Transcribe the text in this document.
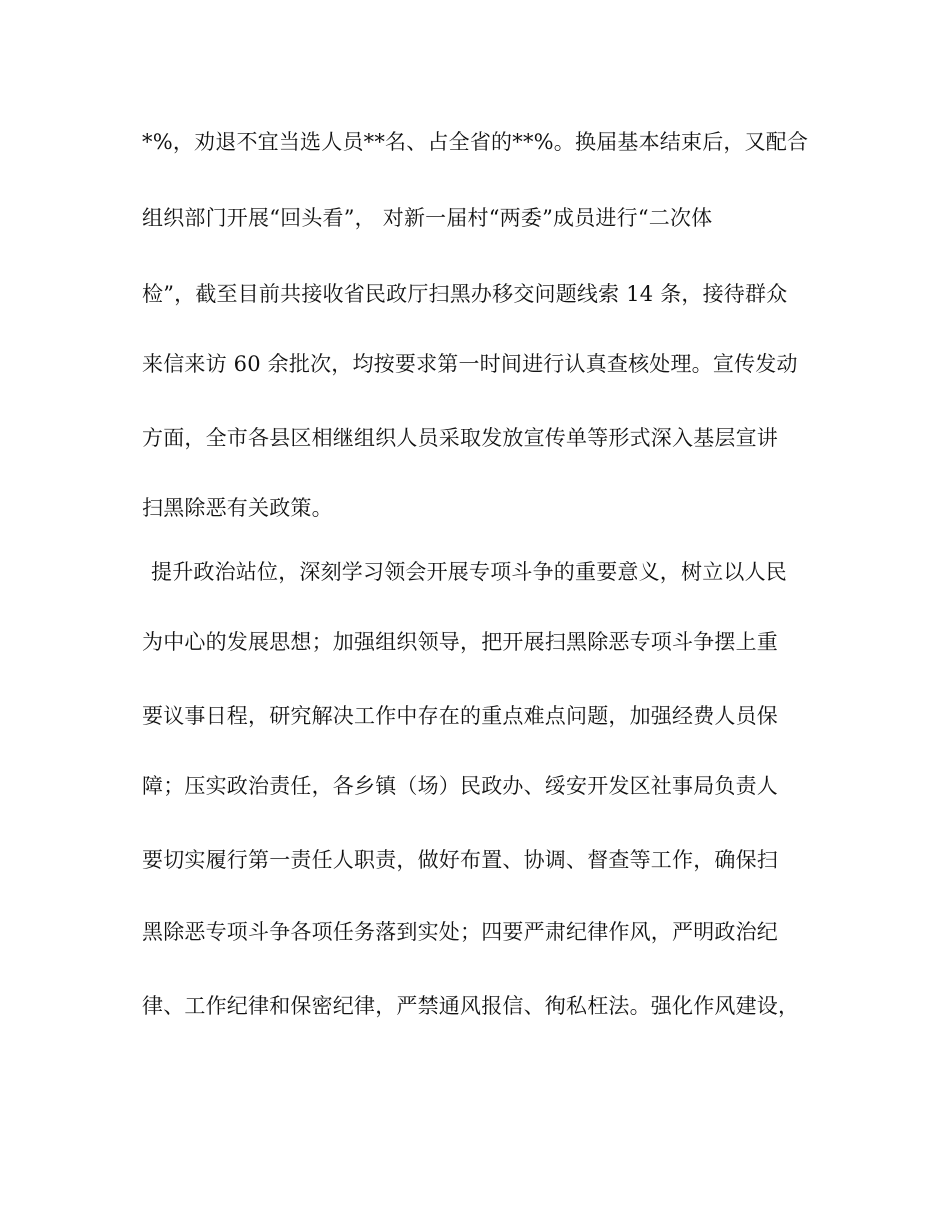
*%，劝退不宜当选人员**名、占全省的**%。换届基本结束后，又配合
组织部门开展“回头看”， 对新一届村“两委”成员进行“二次体
检”，截至目前共接收省民政厅扫黑办移交问题线索 14 条，接待群众
来信来访 60 余批次，均按要求第一时间进行认真查核处理。宣传发动
方面，全市各县区相继组织人员采取发放宣传单等形式深入基层宣讲
扫黑除恶有关政策。
提升政治站位，深刻学习领会开展专项斗争的重要意义，树立以人民
为中心的发展思想；加强组织领导，把开展扫黑除恶专项斗争摆上重
要议事日程，研究解决工作中存在的重点难点问题，加强经费人员保
障；压实政治责任，各乡镇（场）民政办、绥安开发区社事局负责人
要切实履行第一责任人职责，做好布置、协调、督查等工作，确保扫
黑除恶专项斗争各项任务落到实处；四要严肃纪律作风，严明政治纪
律、工作纪律和保密纪律，严禁通风报信、徇私枉法。强化作风建设，
